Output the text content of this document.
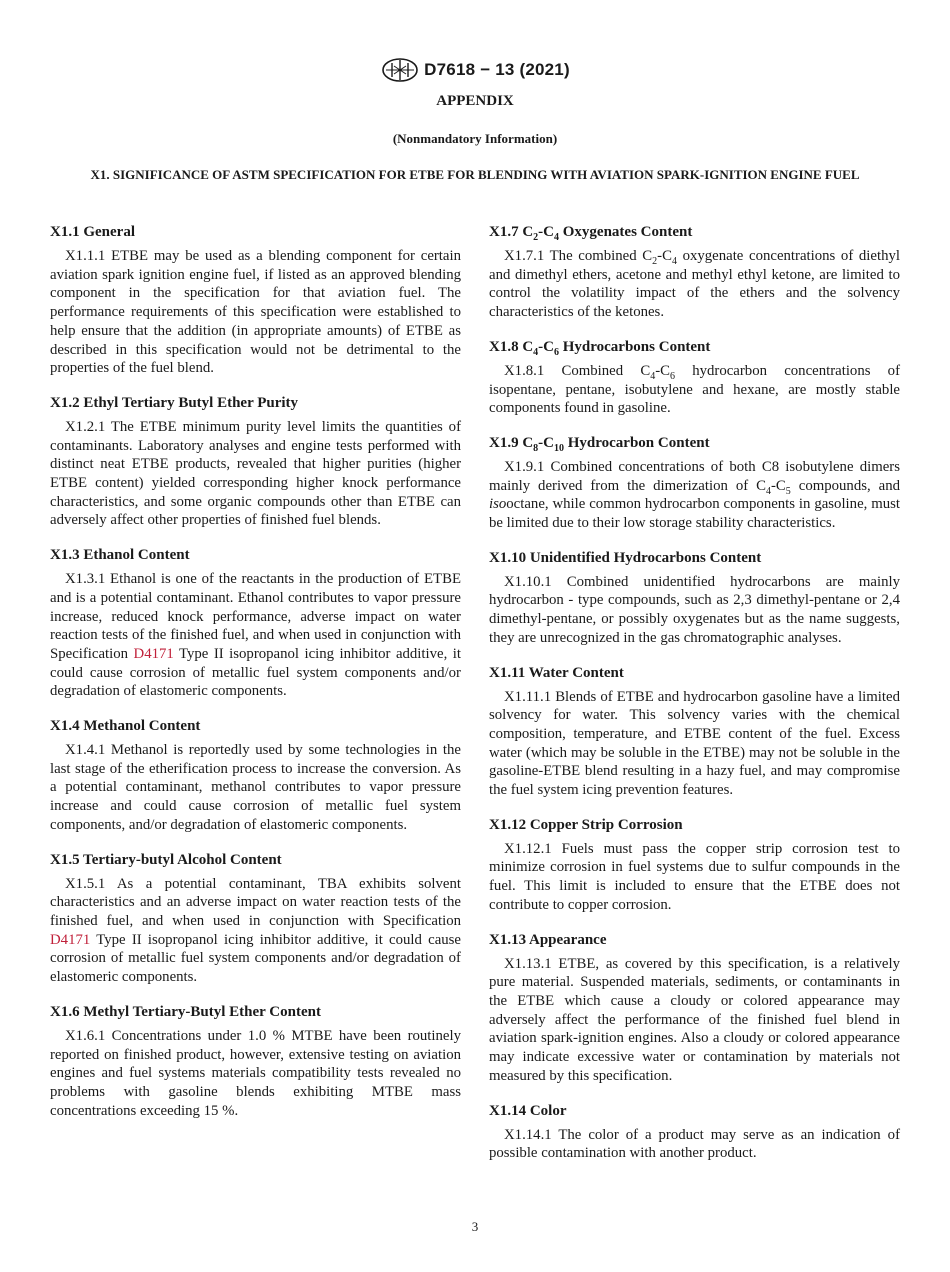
D7618 − 13 (2021)
APPENDIX
(Nonmandatory Information)
X1. SIGNIFICANCE OF ASTM SPECIFICATION FOR ETBE FOR BLENDING WITH AVIATION SPARK-IGNITION ENGINE FUEL
X1.1 General

X1.1.1 ETBE may be used as a blending component for certain aviation spark ignition engine fuel, if listed as an approved blending component in the specification for that aviation fuel. The performance requirements of this specification were established to help ensure that the addition (in appropriate amounts) of ETBE as described in this specification would not be detrimental to the properties of the fuel blend.

X1.2 Ethyl Tertiary Butyl Ether Purity

X1.2.1 The ETBE minimum purity level limits the quantities of contaminants. Laboratory analyses and engine tests performed with distinct neat ETBE products, revealed that higher purities (higher ETBE content) yielded corresponding higher knock performance characteristics, and some organic compounds other than ETBE can adversely affect other properties of finished fuel blends.

X1.3 Ethanol Content

X1.3.1 Ethanol is one of the reactants in the production of ETBE and is a potential contaminant. Ethanol contributes to vapor pressure increase, reduced knock performance, adverse impact on water reaction tests of the finished fuel, and when used in conjunction with Specification D4171 Type II isopropanol icing inhibitor additive, it could cause corrosion of metallic fuel system components and/or degradation of elastomeric components.

X1.4 Methanol Content

X1.4.1 Methanol is reportedly used by some technologies in the last stage of the etherification process to increase the conversion. As a potential contaminant, methanol contributes to vapor pressure increase and could cause corrosion of metallic fuel system components, and/or degradation of elastomeric components.

X1.5 Tertiary-butyl Alcohol Content

X1.5.1 As a potential contaminant, TBA exhibits solvent characteristics and an adverse impact on water reaction tests of the finished fuel, and when used in conjunction with Specification D4171 Type II isopropanol icing inhibitor additive, it could cause corrosion of metallic fuel system components and/or degradation of elastomeric components.

X1.6 Methyl Tertiary-Butyl Ether Content

X1.6.1 Concentrations under 1.0 % MTBE have been routinely reported on finished product, however, extensive testing on aviation engines and fuel systems materials compatibility tests revealed no problems with gasoline blends exhibiting MTBE mass concentrations exceeding 15 %.

X1.7 $C_2-C_4$ Oxygenates Content

X1.7.1 The combined $C_2-C_4$ oxygenate concentrations of diethyl and dimethyl ethers, acetone and methyl ethyl ketone, are limited to control the volatility impact of the ethers and the solvency characteristics of the ketones.

X1.8 $C_4-C_6$ Hydrocarbons Content

X1.8.1 Combined $C_4-C_6$ hydrocarbon concentrations of isopentane, pentane, isobutylene and hexane, are mostly stable components found in gasoline.

X1.9 $C_8-C_{10}$ Hydrocarbon Content

X1.9.1 Combined concentrations of both C8 isobutylene dimers mainly derived from the dimerization of $C_4-C_5$ compounds, and isooctane, while common hydrocarbon components in gasoline, must be limited due to their low storage stability characteristics.

X1.10 Unidentified Hydrocarbons Content

X1.10.1 Combined unidentified hydrocarbons are mainly hydrocarbon - type compounds, such as 2,3 dimethyl-pentane or 2,4 dimethyl-pentane, or possibly oxygenates but as the name suggests, they are unrecognized in the gas chromatographic analyses.

X1.11 Water Content

X1.11.1 Blends of ETBE and hydrocarbon gasoline have a limited solvency for water. This solvency varies with the chemical composition, temperature, and ETBE content of the fuel. Excess water (which may be soluble in the ETBE) may not be soluble in the gasoline-ETBE blend resulting in a hazy fuel, and may compromise the fuel system icing prevention features.

X1.12 Copper Strip Corrosion

X1.12.1 Fuels must pass the copper strip corrosion test to minimize corrosion in fuel systems due to sulfur compounds in the fuel. This limit is included to ensure that the ETBE does not contribute to copper corrosion.

X1.13 Appearance

X1.13.1 ETBE, as covered by this specification, is a relatively pure material. Suspended materials, sediments, or contaminants in the ETBE which cause a cloudy or colored appearance may adversely affect the performance of the finished fuel blend in aviation spark-ignition engines. Also a cloudy or colored appearance may indicate excessive water or contamination by materials not measured by this specification.

X1.14 Color

X1.14.1 The color of a product may serve as an indication of possible contamination with another product.

3
